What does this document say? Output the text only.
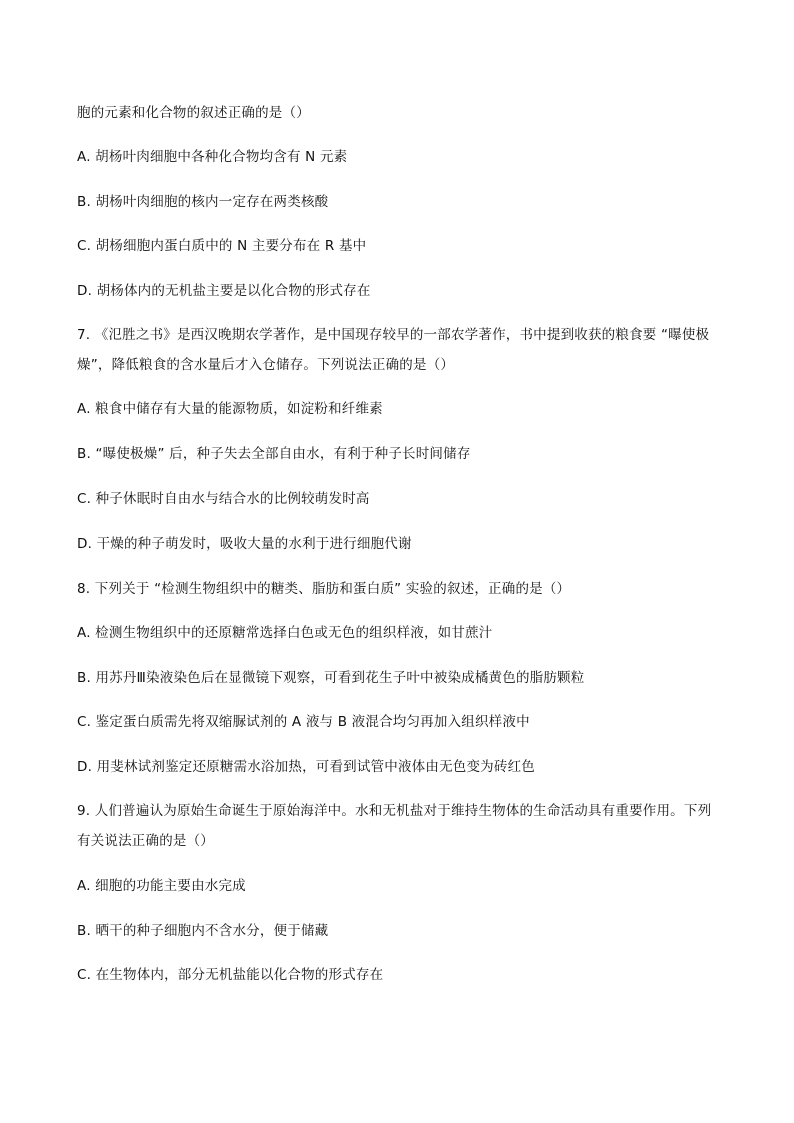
胞的元素和化合物的叙述正确的是（）
A. 胡杨叶肉细胞中各种化合物均含有 N 元素
B. 胡杨叶肉细胞的核内一定存在两类核酸
C. 胡杨细胞内蛋白质中的 N 主要分布在 R 基中
D. 胡杨体内的无机盐主要是以化合物的形式存在
7. 《氾胜之书》是西汉晚期农学著作，是中国现存较早的一部农学著作，书中提到收获的粮食要 “曝使极
燥”，降低粮食的含水量后才入仓储存。下列说法正确的是（）
A. 粮食中储存有大量的能源物质，如淀粉和纤维素
B. “曝使极燥” 后，种子失去全部自由水，有利于种子长时间储存
C. 种子休眠时自由水与结合水的比例较萌发时高
D. 干燥的种子萌发时，吸收大量的水利于进行细胞代谢
8. 下列关于 “检测生物组织中的糖类、脂肪和蛋白质” 实验的叙述，正确的是（）
A. 检测生物组织中的还原糖常选择白色或无色的组织样液，如甘蔗汁
B. 用苏丹Ⅲ染液染色后在显微镜下观察，可看到花生子叶中被染成橘黄色的脂肪颗粒
C. 鉴定蛋白质需先将双缩脲试剂的 A 液与 B 液混合均匀再加入组织样液中
D. 用斐林试剂鉴定还原糖需水浴加热，可看到试管中液体由无色变为砖红色
9. 人们普遍认为原始生命诞生于原始海洋中。水和无机盐对于维持生物体的生命活动具有重要作用。下列
有关说法正确的是（）
A. 细胞的功能主要由水完成
B. 晒干的种子细胞内不含水分，便于储藏
C. 在生物体内，部分无机盐能以化合物的形式存在
